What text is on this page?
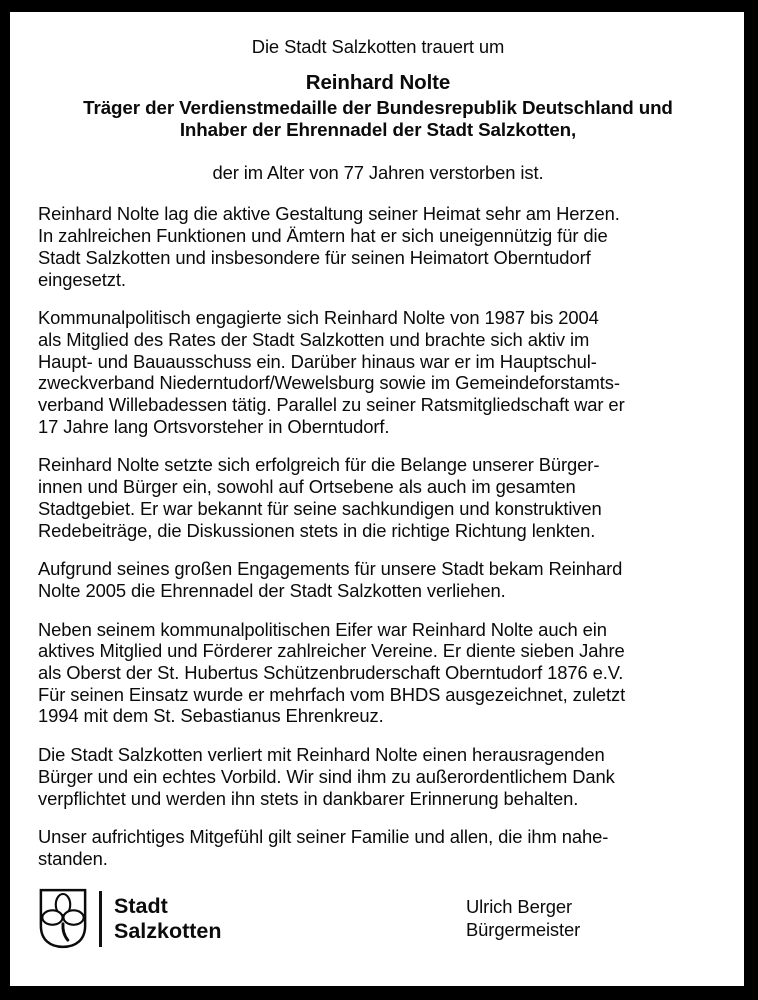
Die Stadt Salzkotten trauert um
Reinhard Nolte
Träger der Verdienstmedaille der Bundesrepublik Deutschland und
Inhaber der Ehrennadel der Stadt Salzkotten,
der im Alter von 77 Jahren verstorben ist.

Reinhard Nolte lag die aktive Gestaltung seiner Heimat sehr am Herzen.
In zahlreichen Funktionen und Ämtern hat er sich uneigennützig für die
Stadt Salzkotten und insbesondere für seinen Heimatort Oberntudorf
eingesetzt.

Kommunalpolitisch engagierte sich Reinhard Nolte von 1987 bis 2004
als Mitglied des Rates der Stadt Salzkotten und brachte sich aktiv im
Haupt- und Bauausschuss ein. Darüber hinaus war er im Hauptschul-
zweckverband Niederntudorf/Wewelsburg sowie im Gemeindeforstamts-
verband Willebadessen tätig. Parallel zu seiner Ratsmitgliedschaft war er
17 Jahre lang Ortsvorsteher in Oberntudorf.

Reinhard Nolte setzte sich erfolgreich für die Belange unserer Bürger-
innen und Bürger ein, sowohl auf Ortsebene als auch im gesamten
Stadtgebiet. Er war bekannt für seine sachkundigen und konstruktiven
Redebeiträge, die Diskussionen stets in die richtige Richtung lenkten.

Aufgrund seines großen Engagements für unsere Stadt bekam Reinhard
Nolte 2005 die Ehrennadel der Stadt Salzkotten verliehen.

Neben seinem kommunalpolitischen Eifer war Reinhard Nolte auch ein
aktives Mitglied und Förderer zahlreicher Vereine. Er diente sieben Jahre
als Oberst der St. Hubertus Schützenbruderschaft Oberntudorf 1876 e.V.
Für seinen Einsatz wurde er mehrfach vom BHDS ausgezeichnet, zuletzt
1994 mit dem St. Sebastianus Ehrenkreuz.

Die Stadt Salzkotten verliert mit Reinhard Nolte einen herausragenden
Bürger und ein echtes Vorbild. Wir sind ihm zu außerordentlichem Dank
verpflichtet und werden ihn stets in dankbarer Erinnerung behalten.

Unser aufrichtiges Mitgefühl gilt seiner Familie und allen, die ihm nahe-
standen.

Stadt
Salzkotten
Ulrich Berger
Bürgermeister
